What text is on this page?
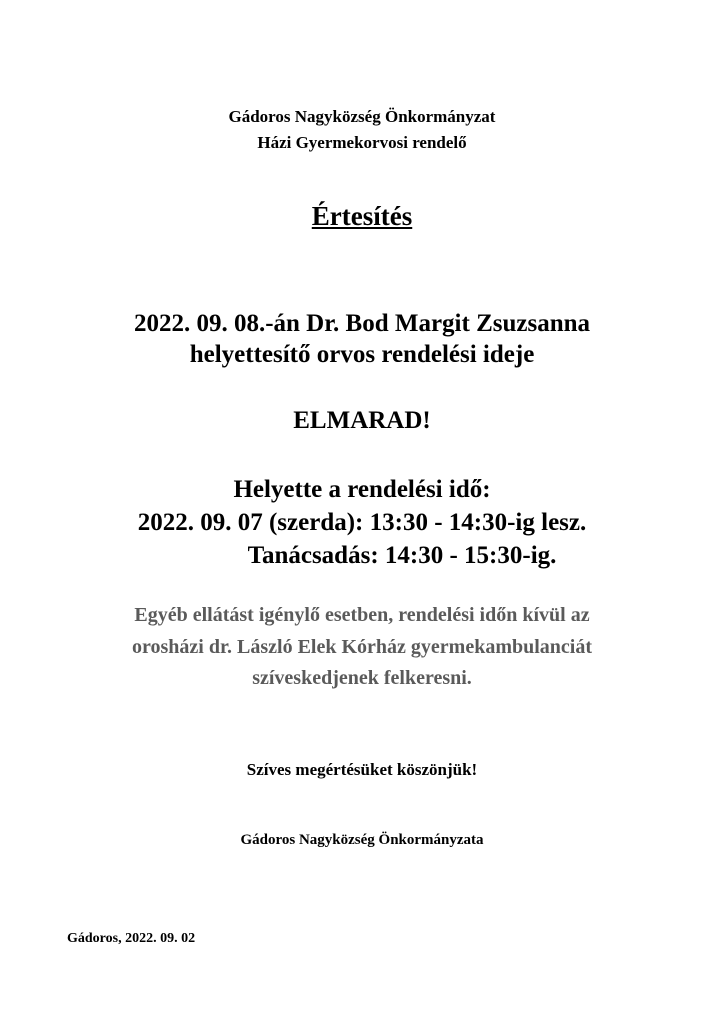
Gádoros Nagyközség Önkormányzat
Házi Gyermekorvosi rendelő
Értesítés
2022. 09. 08.-án Dr. Bod Margit Zsuzsanna
helyettesítő orvos rendelési ideje
ELMARAD!
Helyette a rendelési idő:
2022. 09. 07 (szerda): 13:30 - 14:30-ig lesz.
Tanácsadás: 14:30 - 15:30-ig.
Egyéb ellátást igénylő esetben, rendelési időn kívül az
orosházi dr. László Elek Kórház gyermekambulanciát
szíveskedjenek felkeresni.
Szíves megértésüket köszönjük!
Gádoros Nagyközség Önkormányzata
Gádoros, 2022. 09. 02
